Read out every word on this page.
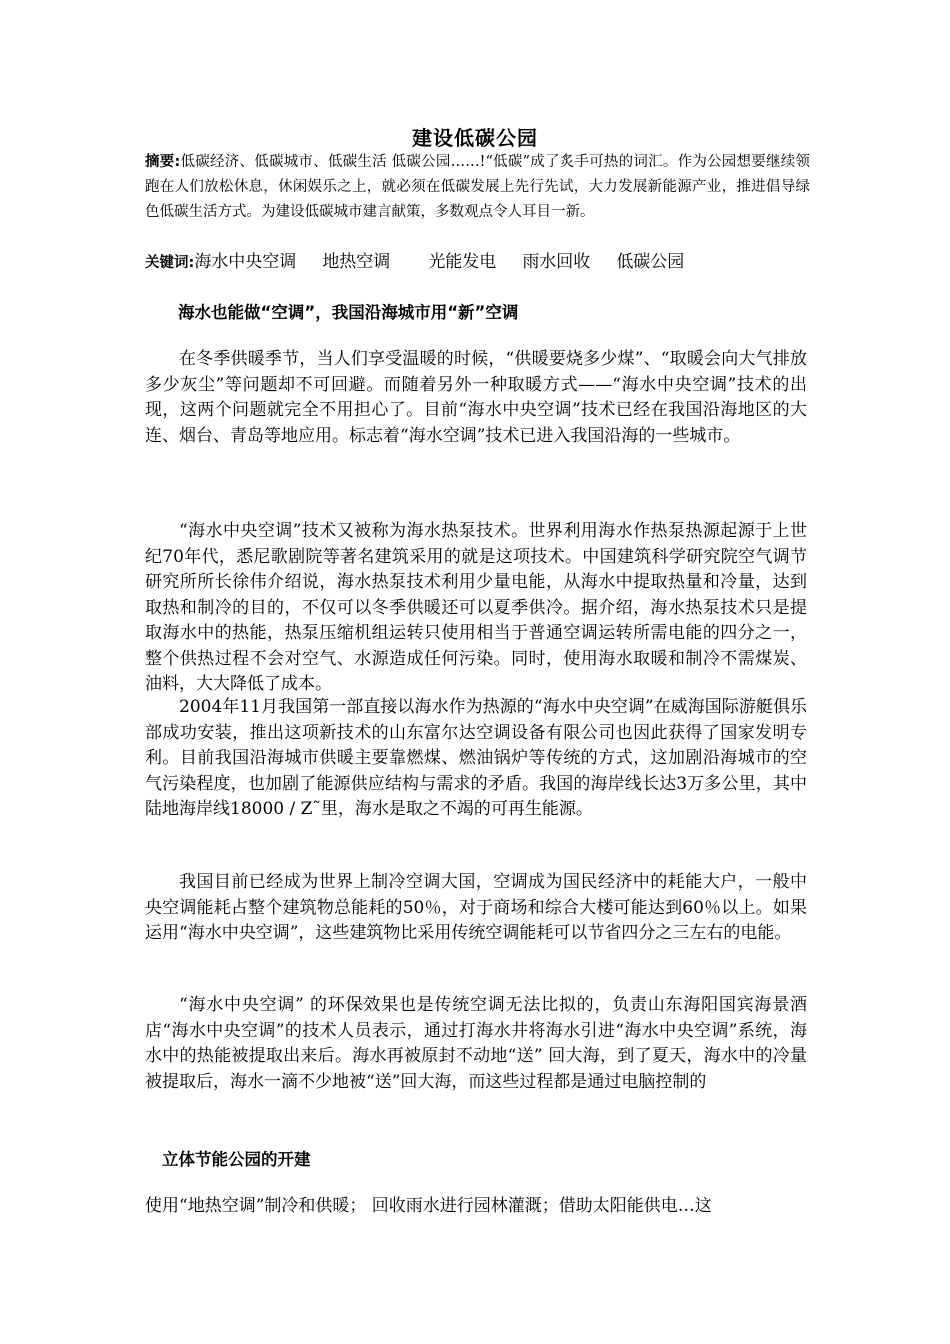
建设低碳公园
摘要:低碳经济、低碳城市、低碳生活 低碳公园……!“低碳”成了炙手可热的词汇。作为公园想要继续领跑在人们放松休息，休闲娱乐之上，就必须在低碳发展上先行先试，大力发展新能源产业，推进倡导绿色低碳生活方式。为建设低碳城市建言献策，多数观点令人耳目一新。
关键词:海水中央空调 地热空调 光能发电 雨水回收 低碳公园
海水也能做“空调”，我国沿海城市用“新”空调

在冬季供暖季节，当人们享受温暖的时候，“供暖要烧多少煤”、“取暖会向大气排放多少灰尘”等问题却不可回避。而随着另外一种取暖方式——“海水中央空调”技术的出现，这两个问题就完全不用担心了。目前“海水中央空调”技术已经在我国沿海地区的大连、烟台、青岛等地应用。标志着“海水空调”技术已进入我国沿海的一些城市。

“海水中央空调”技术又被称为海水热泵技术。世界利用海水作热泵热源起源于上世纪70年代，悉尼歌剧院等著名建筑采用的就是这项技术。中国建筑科学研究院空气调节研究所所长徐伟介绍说，海水热泵技术利用少量电能，从海水中提取热量和冷量，达到取热和制冷的目的，不仅可以冬季供暖还可以夏季供冷。据介绍，海水热泵技术只是提取海水中的热能，热泵压缩机组运转只使用相当于普通空调运转所需电能的四分之一，整个供热过程不会对空气、水源造成任何污染。同时，使用海水取暖和制冷不需煤炭、油料，大大降低了成本。

2004年11月我国第一部直接以海水作为热源的“海水中央空调”在威海国际游艇俱乐部成功安装，推出这项新技术的山东富尔达空调设备有限公司也因此获得了国家发明专利。目前我国沿海城市供暖主要靠燃煤、燃油锅炉等传统的方式，这加剧沿海城市的空气污染程度，也加剧了能源供应结构与需求的矛盾。我国的海岸线长达3万多公里，其中陆地海岸线18000 / Z˜里，海水是取之不竭的可再生能源。

我国目前已经成为世界上制冷空调大国，空调成为国民经济中的耗能大户，一般中央空调能耗占整个建筑物总能耗的50％，对于商场和综合大楼可能达到60％以上。如果运用“海水中央空调”，这些建筑物比采用传统空调能耗可以节省四分之三左右的电能。

“海水中央空调” 的环保效果也是传统空调无法比拟的，负责山东海阳国宾海景酒店“海水中央空调”的技术人员表示，通过打海水井将海水引进“海水中央空调”系统，海水中的热能被提取出来后。海水再被原封不动地“送” 回大海，到了夏天，海水中的冷量被提取后，海水一滴不少地被“送”回大海，而这些过程都是通过电脑控制的

立体节能公园的开建

使用“地热空调”制冷和供暖； 回收雨水进行园林灌溉；借助太阳能供电…这
